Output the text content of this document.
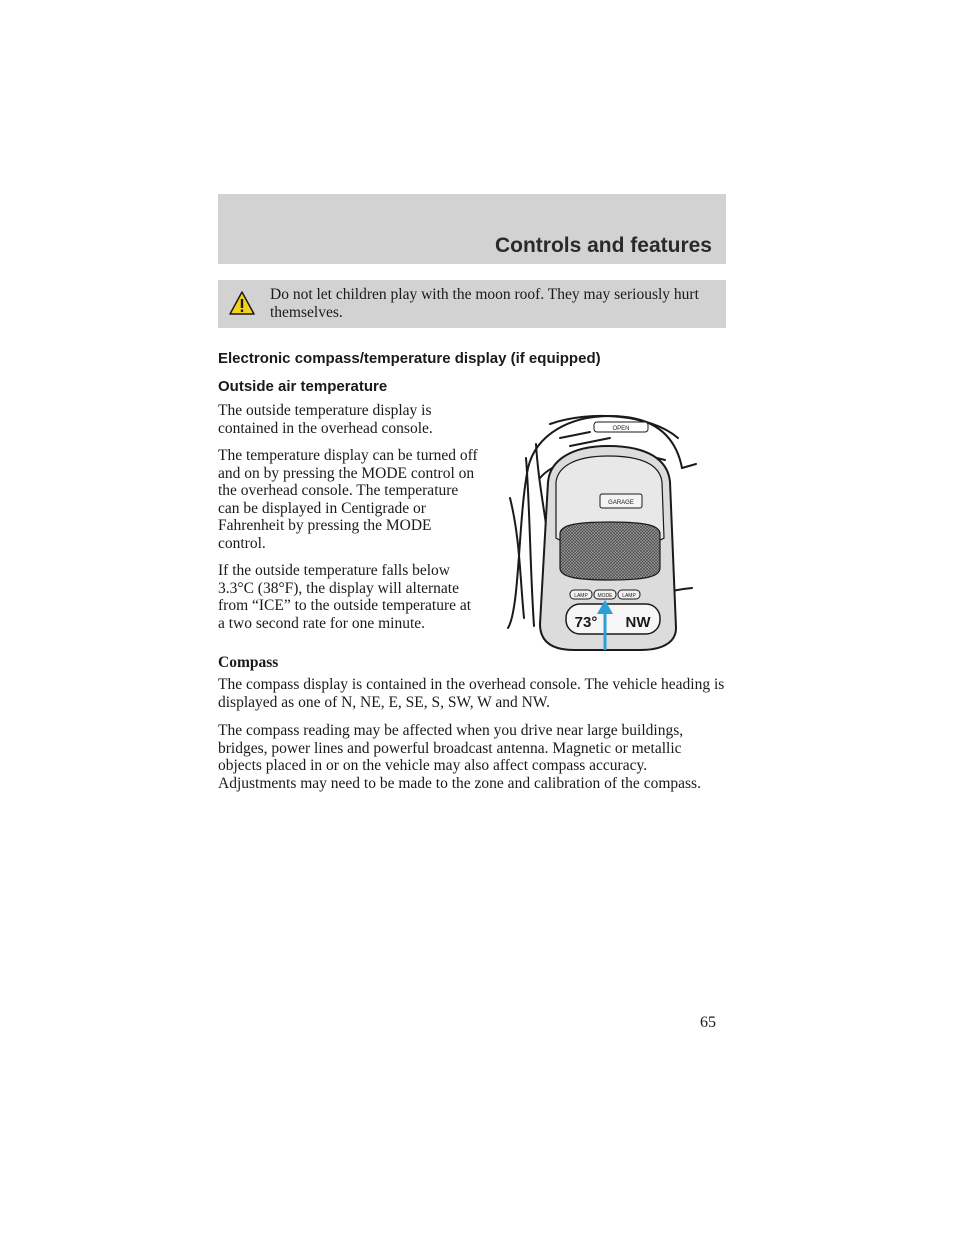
Controls and features
Do not let children play with the moon roof. They may seriously hurt themselves.
Electronic compass/temperature display (if equipped)
Outside air temperature

The outside temperature display is contained in the overhead console.

The temperature display can be turned off and on by pressing the MODE control on the overhead console. The temperature can be displayed in Centigrade or Fahrenheit by pressing the MODE control.

If the outside temperature falls below 3.3°C (38°F), the display will alternate from “ICE” to the outside temperature at a two second rate for one minute.

Compass

The compass display is contained in the overhead console. The vehicle heading is displayed as one of N, NE, E, SE, S, SW, W and NW.

The compass reading may be affected when you drive near large buildings, bridges, power lines and powerful broadcast antenna. Magnetic or metallic objects placed in or on the vehicle may also affect compass accuracy. Adjustments may need to be made to the zone and calibration of the compass.

OPEN
GARAGE
LAMP MODE LAMP
73° NW
65
